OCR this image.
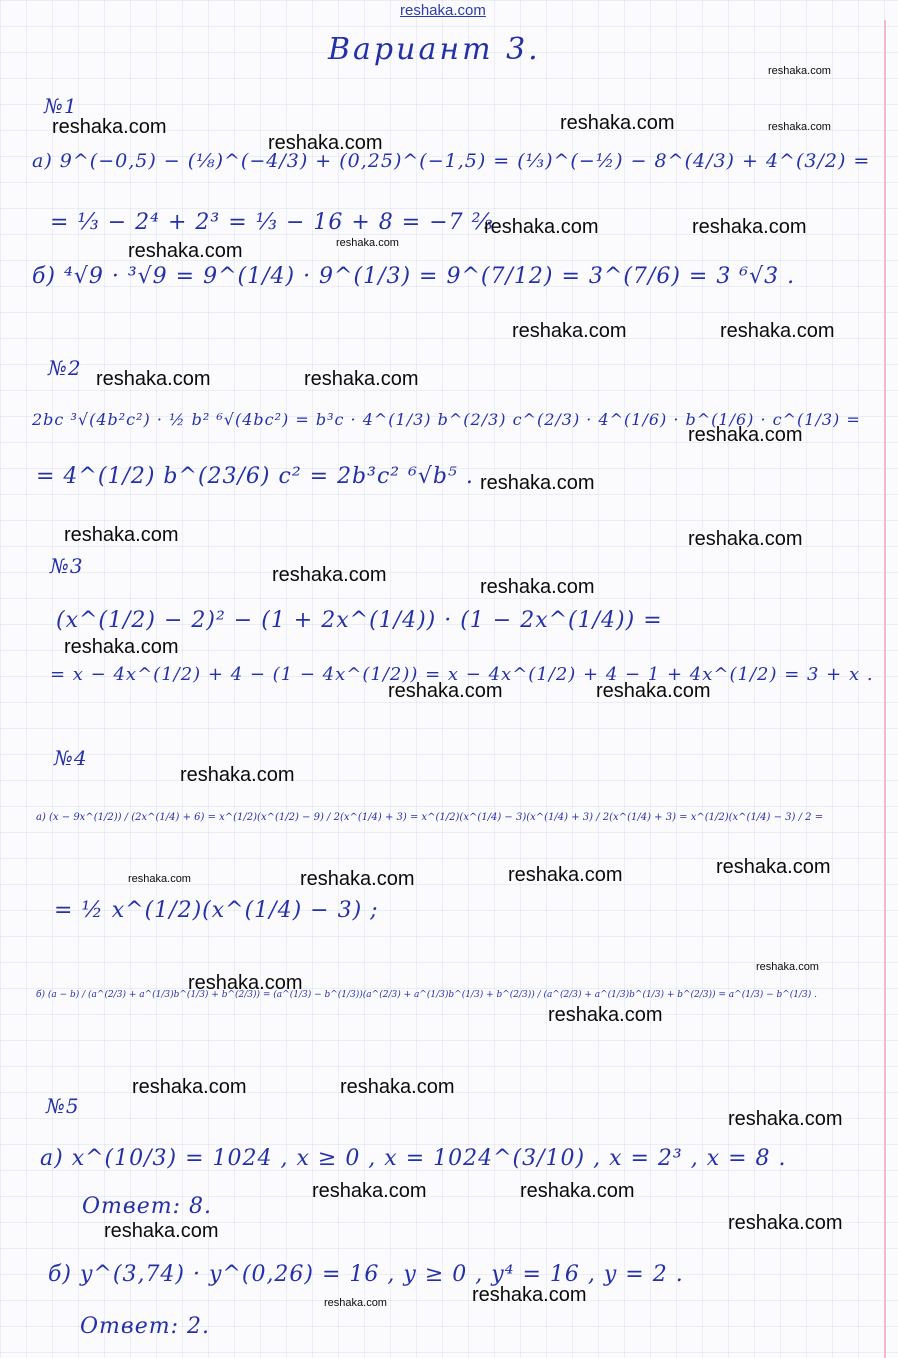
reshaka.com
Вариант 3.
№1
а) 9^(−0,5) − (⅛)^(−4/3) + (0,25)^(−1,5) = (⅓)^(−½) − 8^(4/3) + 4^(3/2) =
= ⅓ − 2⁴ + 2³ = ⅓ − 16 + 8 = −7 ⅔
б) ⁴√9 · ³√9 = 9^(1/4) · 9^(1/3) = 9^(7/12) = 3^(7/6) = 3 ⁶√3 .
№2
2bc ³√(4b²c²) · ½ b² ⁶√(4bc²) = b³c · 4^(1/3) b^(2/3) c^(2/3) · 4^(1/6) · b^(1/6) · c^(1/3) =
= 4^(1/2) b^(23/6) c² = 2b³c² ⁶√b⁵ .
№3
(x^(1/2) − 2)² − (1 + 2x^(1/4)) · (1 − 2x^(1/4)) =
= x − 4x^(1/2) + 4 − (1 − 4x^(1/2)) = x − 4x^(1/2) + 4 − 1 + 4x^(1/2) = 3 + x .
№4
а) (x − 9x^(1/2)) / (2x^(1/4) + 6) = x^(1/2)(x^(1/2) − 9) / 2(x^(1/4) + 3) = x^(1/2)(x^(1/4) − 3)(x^(1/4) + 3) / 2(x^(1/4) + 3) = x^(1/2)(x^(1/4) − 3) / 2 =
= ½ x^(1/2)(x^(1/4) − 3) ;
б) (a − b) / (a^(2/3) + a^(1/3)b^(1/3) + b^(2/3)) = (a^(1/3) − b^(1/3))(a^(2/3) + a^(1/3)b^(1/3) + b^(2/3)) / (a^(2/3) + a^(1/3)b^(1/3) + b^(2/3)) = a^(1/3) − b^(1/3) .
№5
а) x^(10/3) = 1024 , x ≥ 0 , x = 1024^(3/10) , x = 2³ , x = 8 .
Ответ: 8.
б) y^(3,74) · y^(0,26) = 16 , y ≥ 0 , y⁴ = 16 , y = 2 .
Ответ: 2.
reshaka.com
reshaka.com
reshaka.com
reshaka.com	reshaka.com
reshaka.com
reshaka.com	reshaka.com
reshaka.com	reshaka.com
reshaka.com
reshaka.com
reshaka.com	reshaka.com
reshaka.com
reshaka.com
reshaka.com
reshaka.com	reshaka.com
reshaka.com
reshaka.com
reshaka.com
reshaka.com
reshaka.com
reshaka.com
reshaka.com	reshaka.com
reshaka.com
reshaka.com	reshaka.com
reshaka.com
reshaka.com
reshaka.com
reshaka.com
reshaka.com
reshaka.com
reshaka.com
reshaka.com
reshaka.com
